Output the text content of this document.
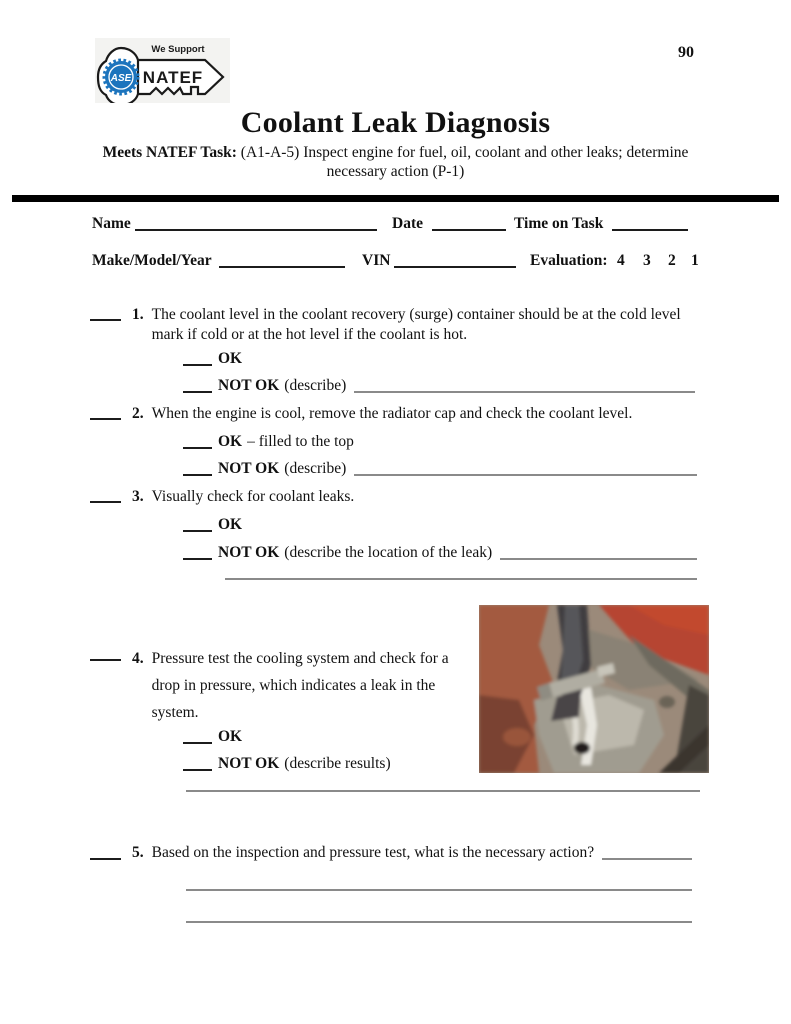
ASE
We Support
NATEF
90
Coolant Leak Diagnosis
Meets NATEF Task: (A1-A-5) Inspect engine for fuel, oil, coolant and other leaks; determine
necessary action (P-1)
Name	Date	Time on Task
Make/Model/Year	VIN	Evaluation: 4 3 2 1
1. The coolant level in the coolant recovery (surge) container should be at the cold level
mark if cold or at the hot level if the coolant is hot.
OK
NOT OK (describe)
2. When the engine is cool, remove the radiator cap and check the coolant level.
OK – filled to the top
NOT OK (describe)
3. Visually check for coolant leaks.
OK
NOT OK (describe the location of the leak)
4. Pressure test the cooling system and check for a
drop in pressure, which indicates a leak in the
system.
OK
NOT OK (describe results)
5. Based on the inspection and pressure test, what is the necessary action?
